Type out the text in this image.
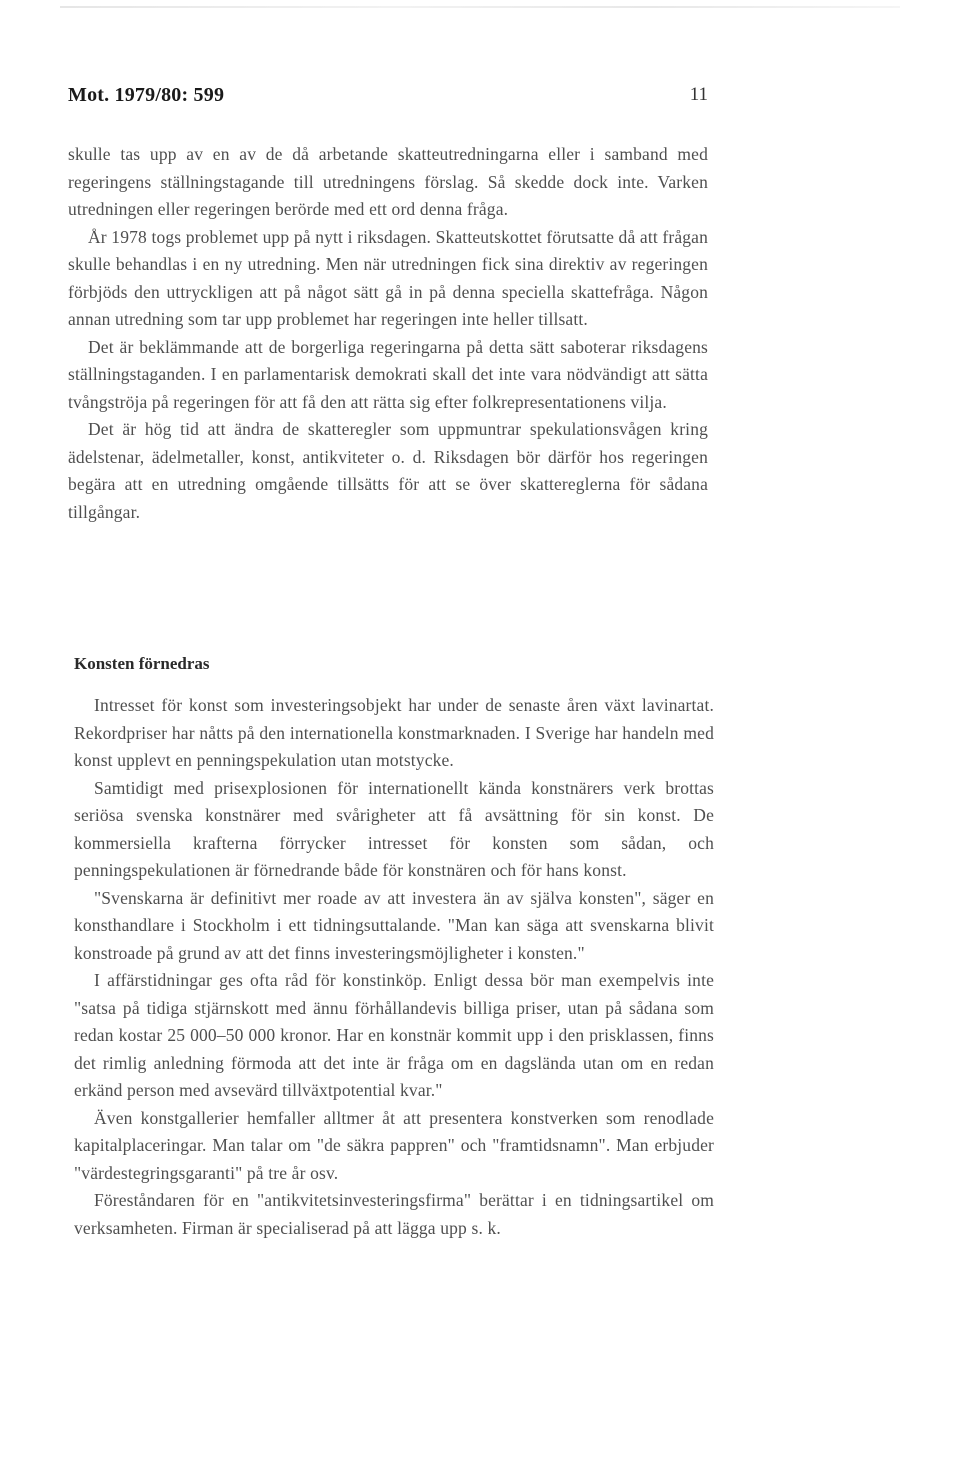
Mot. 1979/80: 599	11

skulle tas upp av en av de då arbetande skatteutredningarna eller i samband med regeringens ställningstagande till utredningens förslag. Så skedde dock inte. Varken utredningen eller regeringen berörde med ett ord denna fråga.

År 1978 togs problemet upp på nytt i riksdagen. Skatteutskottet förutsatte då att frågan skulle behandlas i en ny utredning. Men när utredningen fick sina direktiv av regeringen förbjöds den uttryckligen att på något sätt gå in på denna speciella skattefråga. Någon annan utredning som tar upp problemet har regeringen inte heller tillsatt.

Det är beklämmande att de borgerliga regeringarna på detta sätt saboterar riksdagens ställningstaganden. I en parlamentarisk demokrati skall det inte vara nödvändigt att sätta tvångströja på regeringen för att få den att rätta sig efter folkrepresentationens vilja.

Det är hög tid att ändra de skatteregler som uppmuntrar spekulationsvågen kring ädelstenar, ädelmetaller, konst, antikviteter o. d. Riksdagen bör därför hos regeringen begära att en utredning omgående tillsätts för att se över skattereglerna för sådana tillgångar.

Konsten förnedras

Intresset för konst som investeringsobjekt har under de senaste åren växt lavinartat. Rekordpriser har nåtts på den internationella konstmarknaden. I Sverige har handeln med konst upplevt en penningspekulation utan motstycke.

Samtidigt med prisexplosionen för internationellt kända konstnärers verk brottas seriösa svenska konstnärer med svårigheter att få avsättning för sin konst. De kommersiella krafterna förrycker intresset för konsten som sådan, och penningspekulationen är förnedrande både för konstnären och för hans konst.

"Svenskarna är definitivt mer roade av att investera än av själva konsten", säger en konsthandlare i Stockholm i ett tidningsuttalande. "Man kan säga att svenskarna blivit konstroade på grund av att det finns investeringsmöjligheter i konsten."

I affärstidningar ges ofta råd för konstinköp. Enligt dessa bör man exempelvis inte "satsa på tidiga stjärnskott med ännu förhållandevis billiga priser, utan på sådana som redan kostar 25 000–50 000 kronor. Har en konstnär kommit upp i den prisklassen, finns det rimlig anledning förmoda att det inte är fråga om en dagslända utan om en redan erkänd person med avsevärd tillväxtpotential kvar."

Även konstgallerier hemfaller alltmer åt att presentera konstverken som renodlade kapitalplaceringar. Man talar om "de säkra pappren" och "framtidsnamn". Man erbjuder "värdestegringsgaranti" på tre år osv.

Föreståndaren för en "antikvitetsinvesteringsfirma" berättar i en tidningsartikel om verksamheten. Firman är specialiserad på att lägga upp s. k.
